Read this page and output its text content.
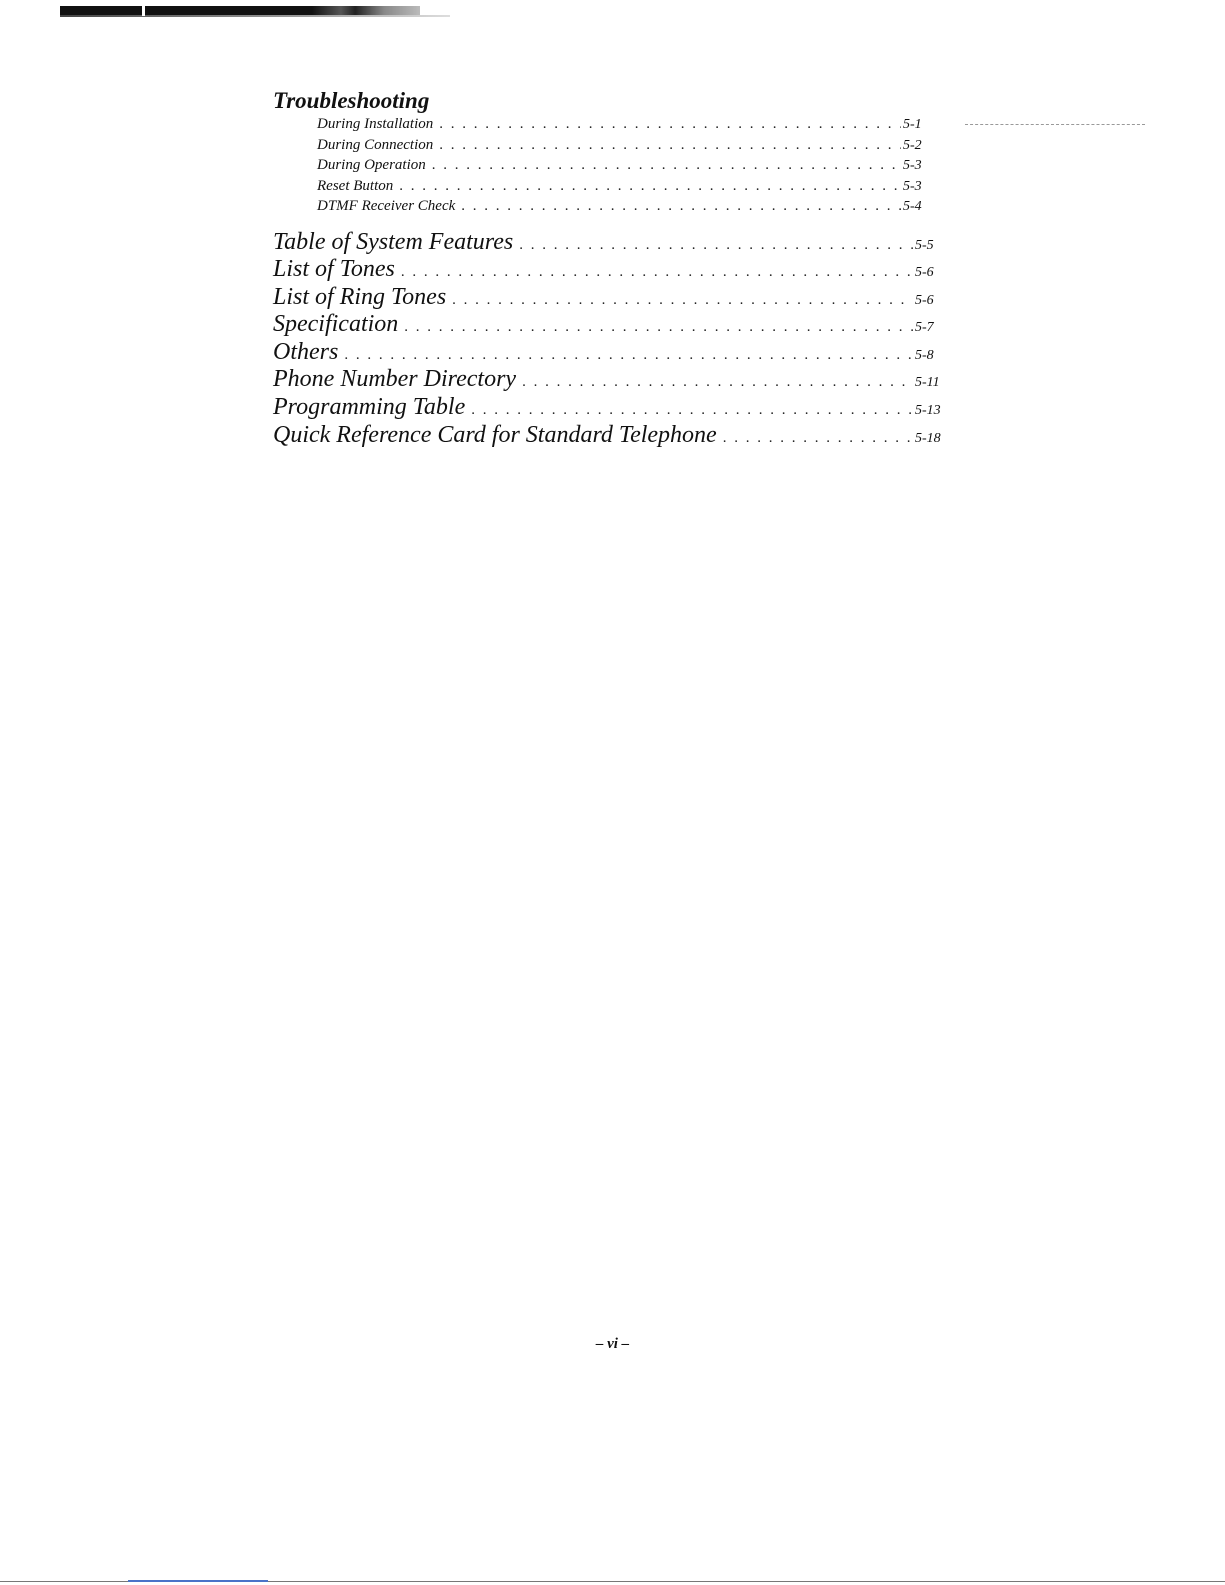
Troubleshooting
During Installation . . .	5-1
During Connection . . .	5-2
During Operation . . .	5-3
Reset Button . . .	5-3
DTMF Receiver Check . . .	5-4
Table of System Features . . .	5-5
List of Tones . . .	5-6
List of Ring Tones . . .	5-6
Specification . . .	5-7
Others . . .	5-8
Phone Number Directory . . .	5-11
Programming Table . . .	5-13
Quick Reference Card for Standard Telephone . . .	5-18
– vi –
